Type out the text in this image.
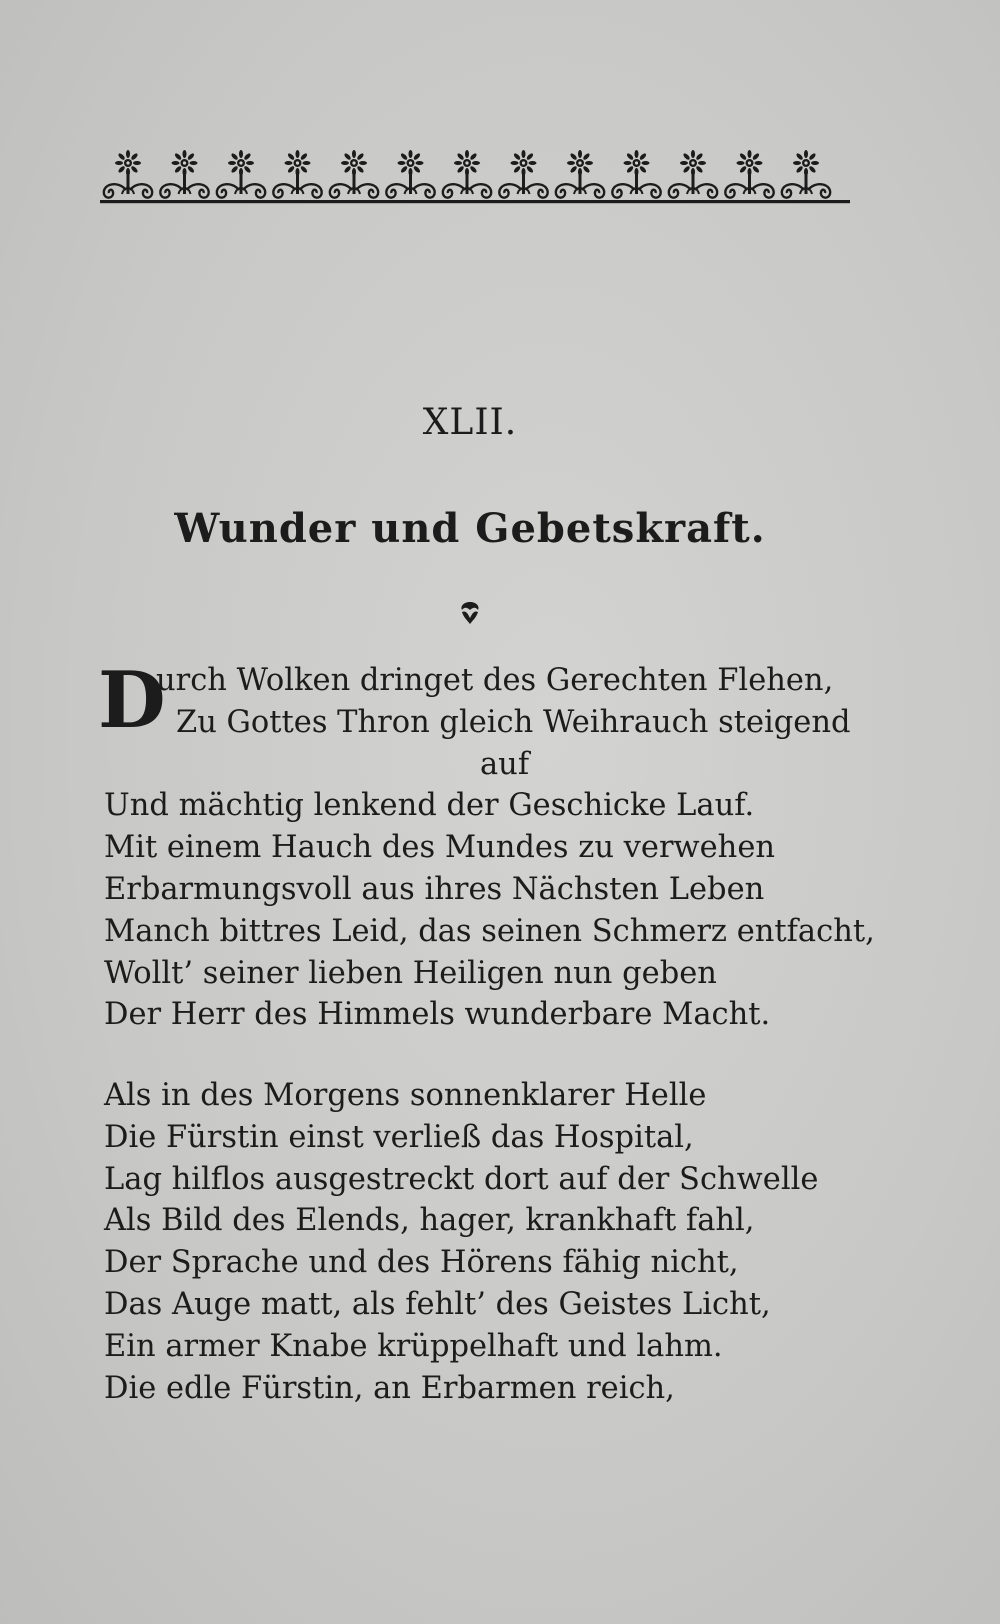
XLII.
Wunder und Gebetskraft.
D
urch Wolken dringet des Gerechten Flehen,
Zu Gottes Thron gleich Weihrauch steigend
auf
Und mächtig lenkend der Geschicke Lauf.
Mit einem Hauch des Mundes zu verwehen
Erbarmungsvoll aus ihres Nächsten Leben
Manch bittres Leid, das seinen Schmerz entfacht,
Wollt’ seiner lieben Heiligen nun geben
Der Herr des Himmels wunderbare Macht.
Als in des Morgens sonnenklarer Helle
Die Fürstin einst verließ das Hospital,
Lag hilflos ausgestreckt dort auf der Schwelle
Als Bild des Elends, hager, krankhaft fahl,
Der Sprache und des Hörens fähig nicht,
Das Auge matt, als fehlt’ des Geistes Licht,
Ein armer Knabe krüppelhaft und lahm.
Die edle Fürstin, an Erbarmen reich,
